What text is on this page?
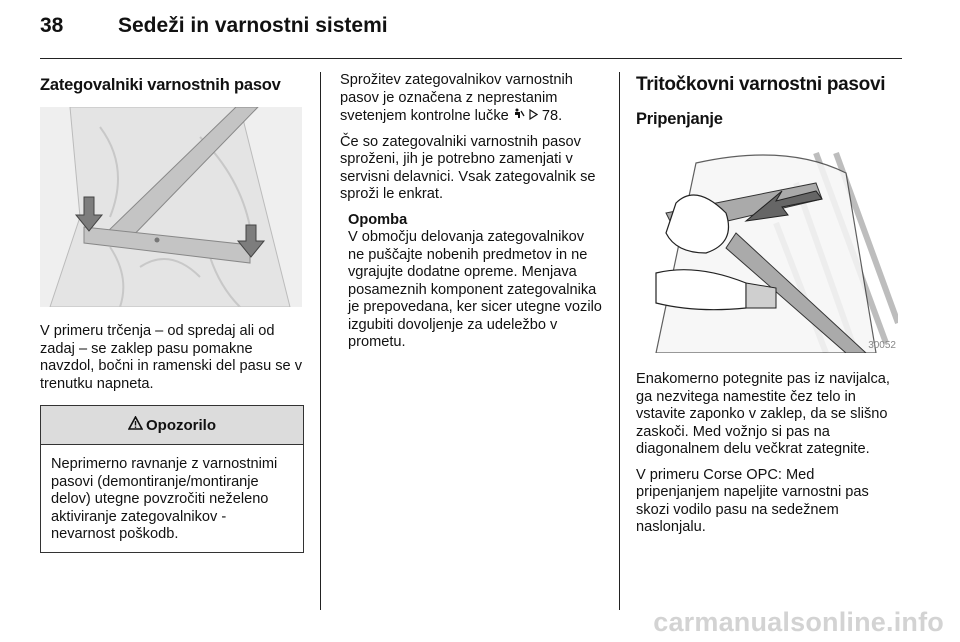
38	Sedeži in varnostni sistemi
Zategovalniki varnostnih pasov

V primeru trčenja – od spredaj ali od zadaj – se zaklep pasu pomakne navzdol, bočni in ramenski del pasu se v trenutku napneta.

Opozorilo

Neprimerno ravnanje z varnostnimi pasovi (demontiranje/montiranje delov) utegne povzročiti neželeno aktiviranje zategovalnikov - nevarnost poškodb.

Sprožitev zategovalnikov varnostnih pasov je označena z neprestanim svetenjem kontrolne lučke 78.

Če so zategovalniki varnostnih pasov sproženi, jih je potrebno zamenjati v servisni delavnici. Vsak zategovalnik se sproži le enkrat.

Opomba

V območju delovanja zategovalnikov ne puščajte nobenih predmetov in ne vgrajujte dodatne opreme. Menjava posameznih komponent zategovalnika je prepovedana, ker sicer utegne vozilo izgubiti dovoljenje za udeležbo v prometu.

Tritočkovni varnostni pasovi
Pripenjanje
30052

Enakomerno potegnite pas iz navijalca, ga nezvitega namestite čez telo in vstavite zaponko v zaklep, da se slišno zaskoči. Med vožnjo si pas na diagonalnem delu večkrat zategnite.

V primeru Corse OPC: Med pripenjanjem napeljite varnostni pas skozi vodilo pasu na sedežnem naslonjalu.

carmanualsonline.info
